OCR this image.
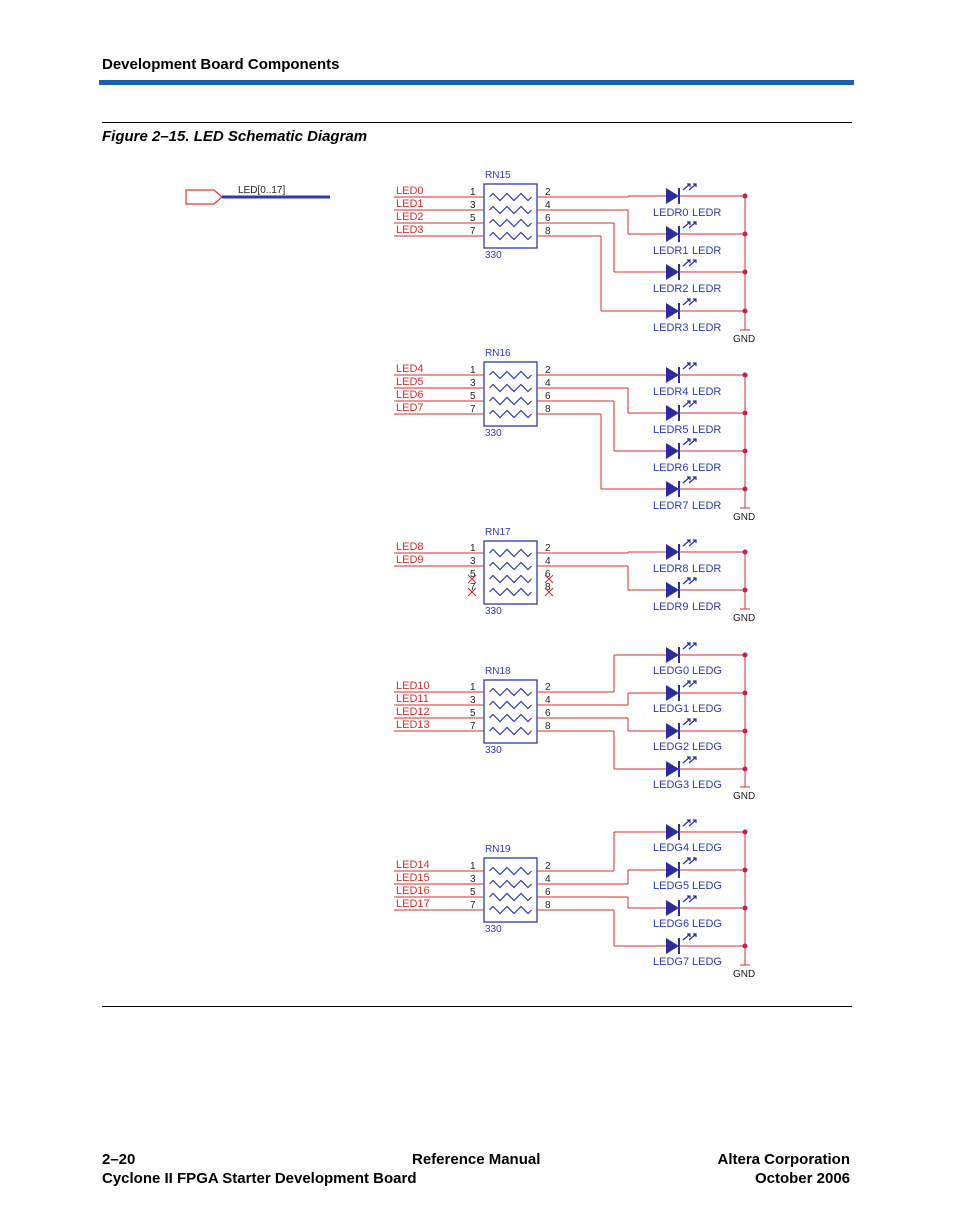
Development Board Components
Figure 2–15. LED Schematic Diagram
LED[0..17]
RN15
330
1	2
LED0
3	4
LED1
5	6
LED2
7	8
LED3
LEDR0 LEDR
LEDR1 LEDR
LEDR2 LEDR
LEDR3 LEDR
GND
RN16
330
1	2
LED4
3	4
LED5
5	6
LED6
7	8
LED7
LEDR4 LEDR
LEDR5 LEDR
LEDR6 LEDR
LEDR7 LEDR
GND
RN17
330
1	2
LED8
3	4
LED9
5	6
7	8
LEDR8 LEDR
LEDR9 LEDR
GND
RN18
330
1	2
LED10
3	4
LED11
5	6
LED12
7	8
LED13
LEDG0 LEDG
LEDG1 LEDG
LEDG2 LEDG
LEDG3 LEDG
GND
RN19
330
1	2
LED14
3	4
LED15
5	6
LED16
7	8
LED17
LEDG4 LEDG
LEDG5 LEDG
LEDG6 LEDG
LEDG7 LEDG
GND
2–20
Cyclone II FPGA Starter Development Board
Reference Manual	Altera Corporation
October 2006
